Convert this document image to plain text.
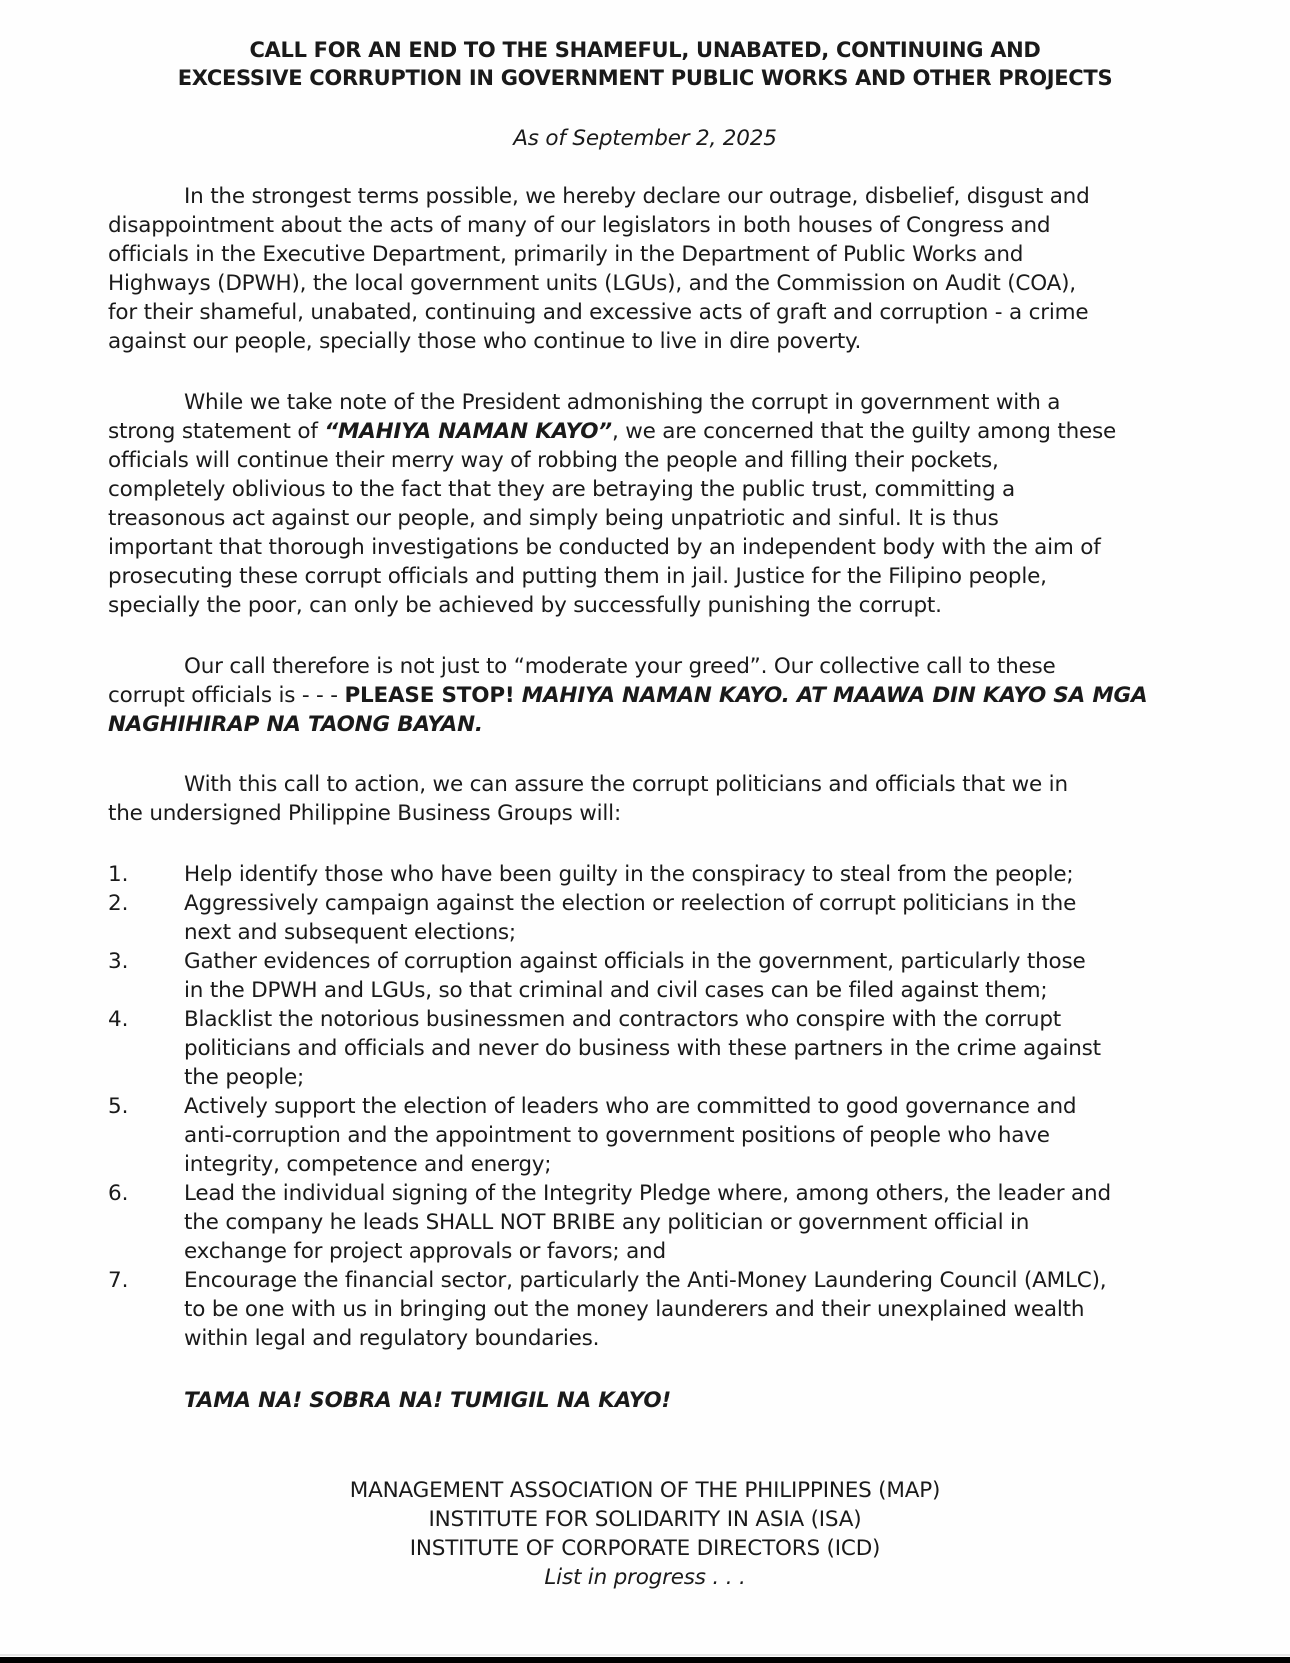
CALL FOR AN END TO THE SHAMEFUL, UNABATED, CONTINUING AND
EXCESSIVE CORRUPTION IN GOVERNMENT PUBLIC WORKS AND OTHER PROJECTS
As of September 2, 2025
In the strongest terms possible, we hereby declare our outrage, disbelief, disgust and
disappointment about the acts of many of our legislators in both houses of Congress and
officials in the Executive Department, primarily in the Department of Public Works and
Highways (DPWH), the local government units (LGUs), and the Commission on Audit (COA),
for their shameful, unabated, continuing and excessive acts of graft and corruption - a crime
against our people, specially those who continue to live in dire poverty.
While we take note of the President admonishing the corrupt in government with a
strong statement of “MAHIYA NAMAN KAYO”, we are concerned that the guilty among these
officials will continue their merry way of robbing the people and filling their pockets,
completely oblivious to the fact that they are betraying the public trust, committing a
treasonous act against our people, and simply being unpatriotic and sinful. It is thus
important that thorough investigations be conducted by an independent body with the aim of
prosecuting these corrupt officials and putting them in jail. Justice for the Filipino people,
specially the poor, can only be achieved by successfully punishing the corrupt.
Our call therefore is not just to “moderate your greed”. Our collective call to these
corrupt officials is - - - PLEASE STOP! MAHIYA NAMAN KAYO. AT MAAWA DIN KAYO SA MGA
NAGHIHIRAP NA TAONG BAYAN.
With this call to action, we can assure the corrupt politicians and officials that we in
the undersigned Philippine Business Groups will:
1.	Help identify those who have been guilty in the conspiracy to steal from the people;
2.	Aggressively campaign against the election or reelection of corrupt politicians in the
next and subsequent elections;
3.	Gather evidences of corruption against officials in the government, particularly those
in the DPWH and LGUs, so that criminal and civil cases can be filed against them;
4.	Blacklist the notorious businessmen and contractors who conspire with the corrupt
politicians and officials and never do business with these partners in the crime against
the people;
5.	Actively support the election of leaders who are committed to good governance and
anti-corruption and the appointment to government positions of people who have
integrity, competence and energy;
6.	Lead the individual signing of the Integrity Pledge where, among others, the leader and
the company he leads SHALL NOT BRIBE any politician or government official in
exchange for project approvals or favors; and
7.	Encourage the financial sector, particularly the Anti-Money Laundering Council (AMLC),
to be one with us in bringing out the money launderers and their unexplained wealth
within legal and regulatory boundaries.
TAMA NA! SOBRA NA! TUMIGIL NA KAYO!
MANAGEMENT ASSOCIATION OF THE PHILIPPINES (MAP)
INSTITUTE FOR SOLIDARITY IN ASIA (ISA)
INSTITUTE OF CORPORATE DIRECTORS (ICD)
List in progress . . .
